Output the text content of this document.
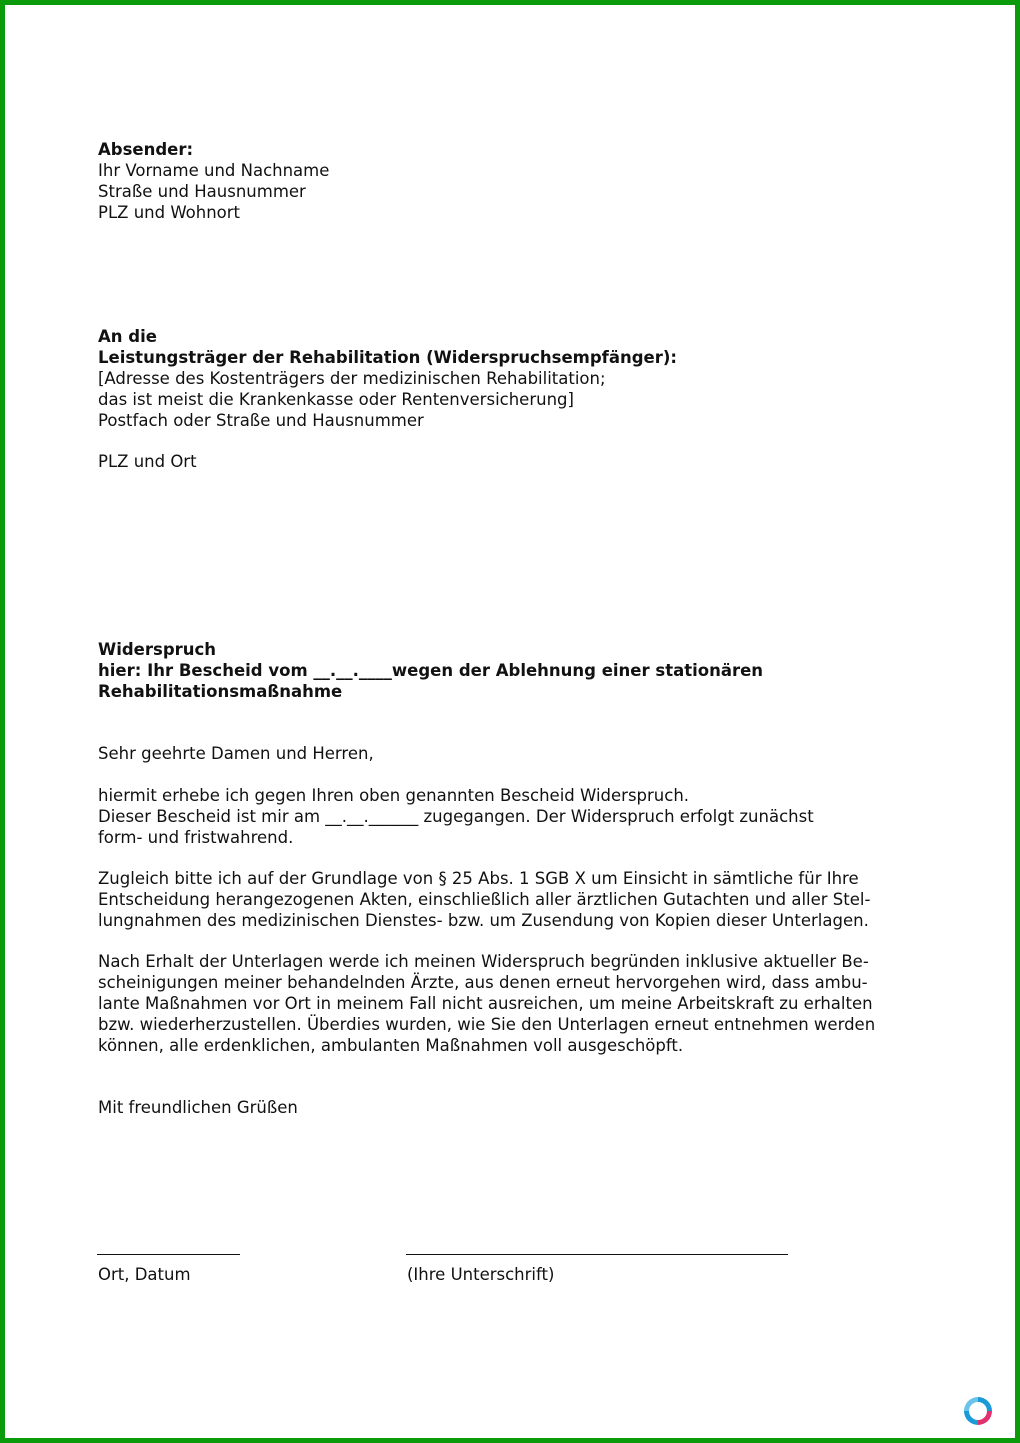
Absender:
Ihr Vorname und Nachname
Straße und Hausnummer
PLZ und Wohnort
An die
Leistungsträger der Rehabilitation (Widerspruchsempfänger):
[Adresse des Kostenträgers der medizinischen Rehabilitation;
das ist meist die Krankenkasse oder Rentenversicherung]
Postfach oder Straße und Hausnummer
PLZ und Ort
Widerspruch
hier: Ihr Bescheid vom __.__.____wegen der Ablehnung einer stationären
Rehabilitationsmaßnahme
Sehr geehrte Damen und Herren,
hiermit erhebe ich gegen Ihren oben genannten Bescheid Widerspruch.
Dieser Bescheid ist mir am __.__.______ zugegangen. Der Widerspruch erfolgt zunächst
form- und fristwahrend.
Zugleich bitte ich auf der Grundlage von § 25 Abs. 1 SGB X um Einsicht in sämtliche für Ihre
Entscheidung herangezogenen Akten, einschließlich aller ärztlichen Gutachten und aller Stel-
lungnahmen des medizinischen Dienstes- bzw. um Zusendung von Kopien dieser Unterlagen.
Nach Erhalt der Unterlagen werde ich meinen Widerspruch begründen inklusive aktueller Be-
scheinigungen meiner behandelnden Ärzte, aus denen erneut hervorgehen wird, dass ambu-
lante Maßnahmen vor Ort in meinem Fall nicht ausreichen, um meine Arbeitskraft zu erhalten
bzw. wiederherzustellen. Überdies wurden, wie Sie den Unterlagen erneut entnehmen werden
können, alle erdenklichen, ambulanten Maßnahmen voll ausgeschöpft.
Mit freundlichen Grüßen
Ort, Datum	(Ihre Unterschrift)
